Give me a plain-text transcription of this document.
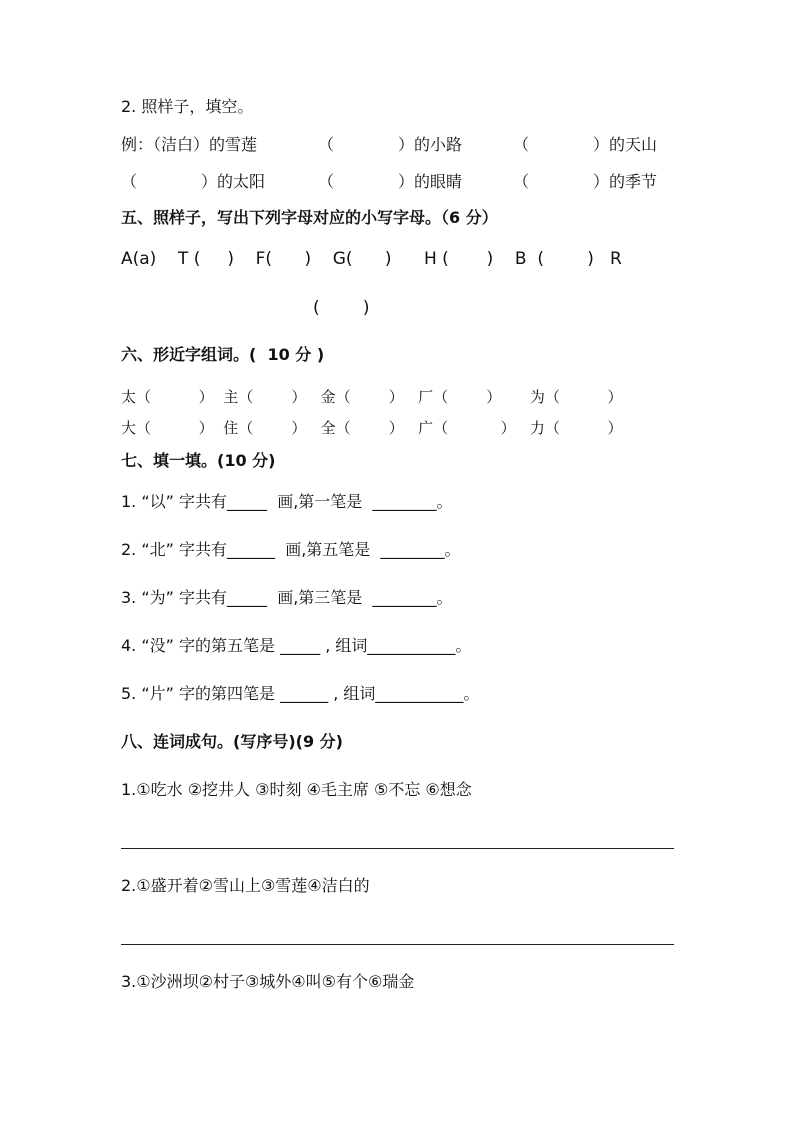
2. 照样子，填空。
例：（洁白）的雪莲	（　　　　）的小路	（　　　　）的天山
（　　　　）的太阳	（　　　　）的眼睛	（　　　　）的季节
五、照样子，写出下列字母对应的小写字母。（6 分）
A(a)    T (     )    F(      )    G(      )      H (       )    B  (        )   R
(        )
六、形近字组词。(  10 分 )
太（          ）  主（        ）   金（        ）   厂（        ）      为（          ）
大（          ）  住（        ）   全（        ）   广（           ）   力（          ）
七、填一填。(10 分)
1. “以” 字共有_____  画,第一笔是  ________。
2. “北” 字共有______  画,第五笔是  ________。
3. “为” 字共有_____  画,第三笔是  ________。
4. “没” 字的第五笔是 _____ , 组词___________。
5. “片” 字的第四笔是 ______ , 组词___________。
八、连词成句。(写序号)(9 分)
1.①吃水 ②挖井人 ③时刻 ④毛主席 ⑤不忘 ⑥想念
2.①盛开着②雪山上③雪莲④洁白的
3.①沙洲坝②村子③城外④叫⑤有个⑥瑞金
